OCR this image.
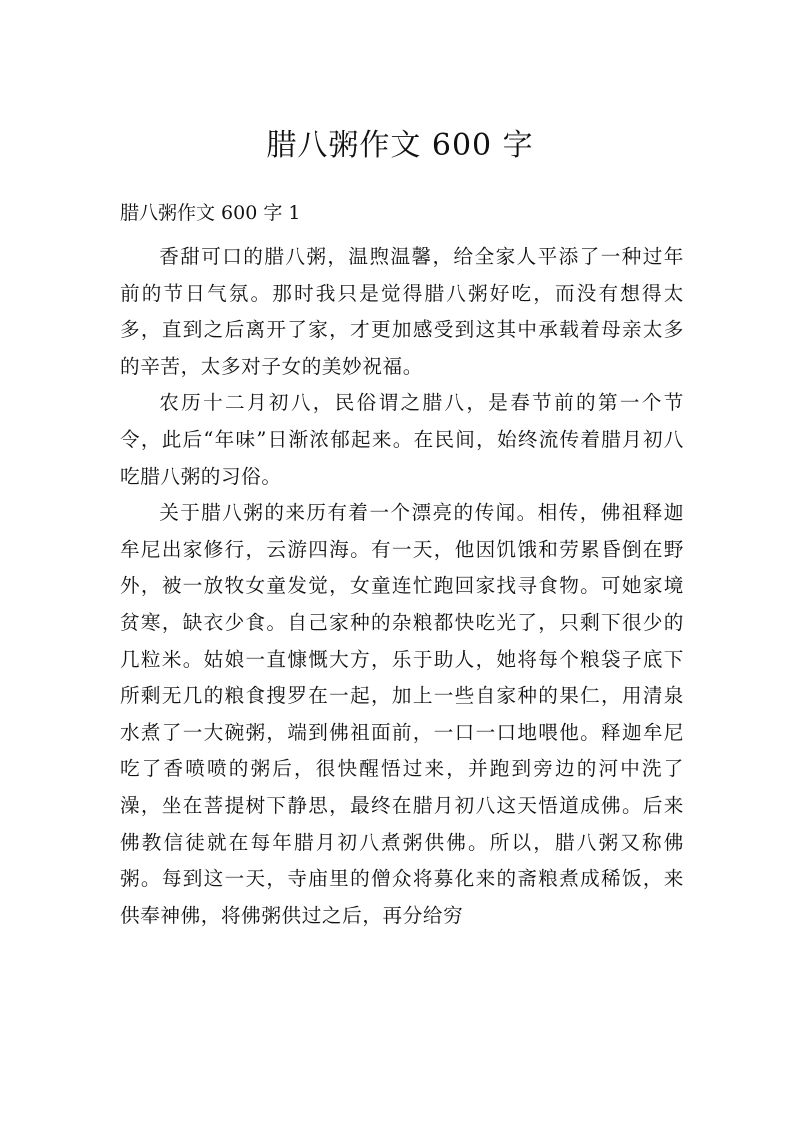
腊八粥作文 600 字
腊八粥作文 600 字 1

香甜可口的腊八粥，温煦温馨，给全家人平添了一种过年前的节日气氛。那时我只是觉得腊八粥好吃，而没有想得太多，直到之后离开了家，才更加感受到这其中承载着母亲太多的辛苦，太多对子女的美妙祝福。

农历十二月初八，民俗谓之腊八，是春节前的第一个节令，此后“年味”日渐浓郁起来。在民间，始终流传着腊月初八吃腊八粥的习俗。

关于腊八粥的来历有着一个漂亮的传闻。相传，佛祖释迦牟尼出家修行，云游四海。有一天，他因饥饿和劳累昏倒在野外，被一放牧女童发觉，女童连忙跑回家找寻食物。可她家境贫寒，缺衣少食。自己家种的杂粮都快吃光了，只剩下很少的几粒米。姑娘一直慷慨大方，乐于助人，她将每个粮袋子底下所剩无几的粮食搜罗在一起，加上一些自家种的果仁，用清泉水煮了一大碗粥，端到佛祖面前，一口一口地喂他。释迦牟尼吃了香喷喷的粥后，很快醒悟过来，并跑到旁边的河中洗了澡，坐在菩提树下静思，最终在腊月初八这天悟道成佛。后来佛教信徒就在每年腊月初八煮粥供佛。所以，腊八粥又称佛粥。每到这一天，寺庙里的僧众将募化来的斋粮煮成稀饭，来供奉神佛，将佛粥供过之后，再分给穷
